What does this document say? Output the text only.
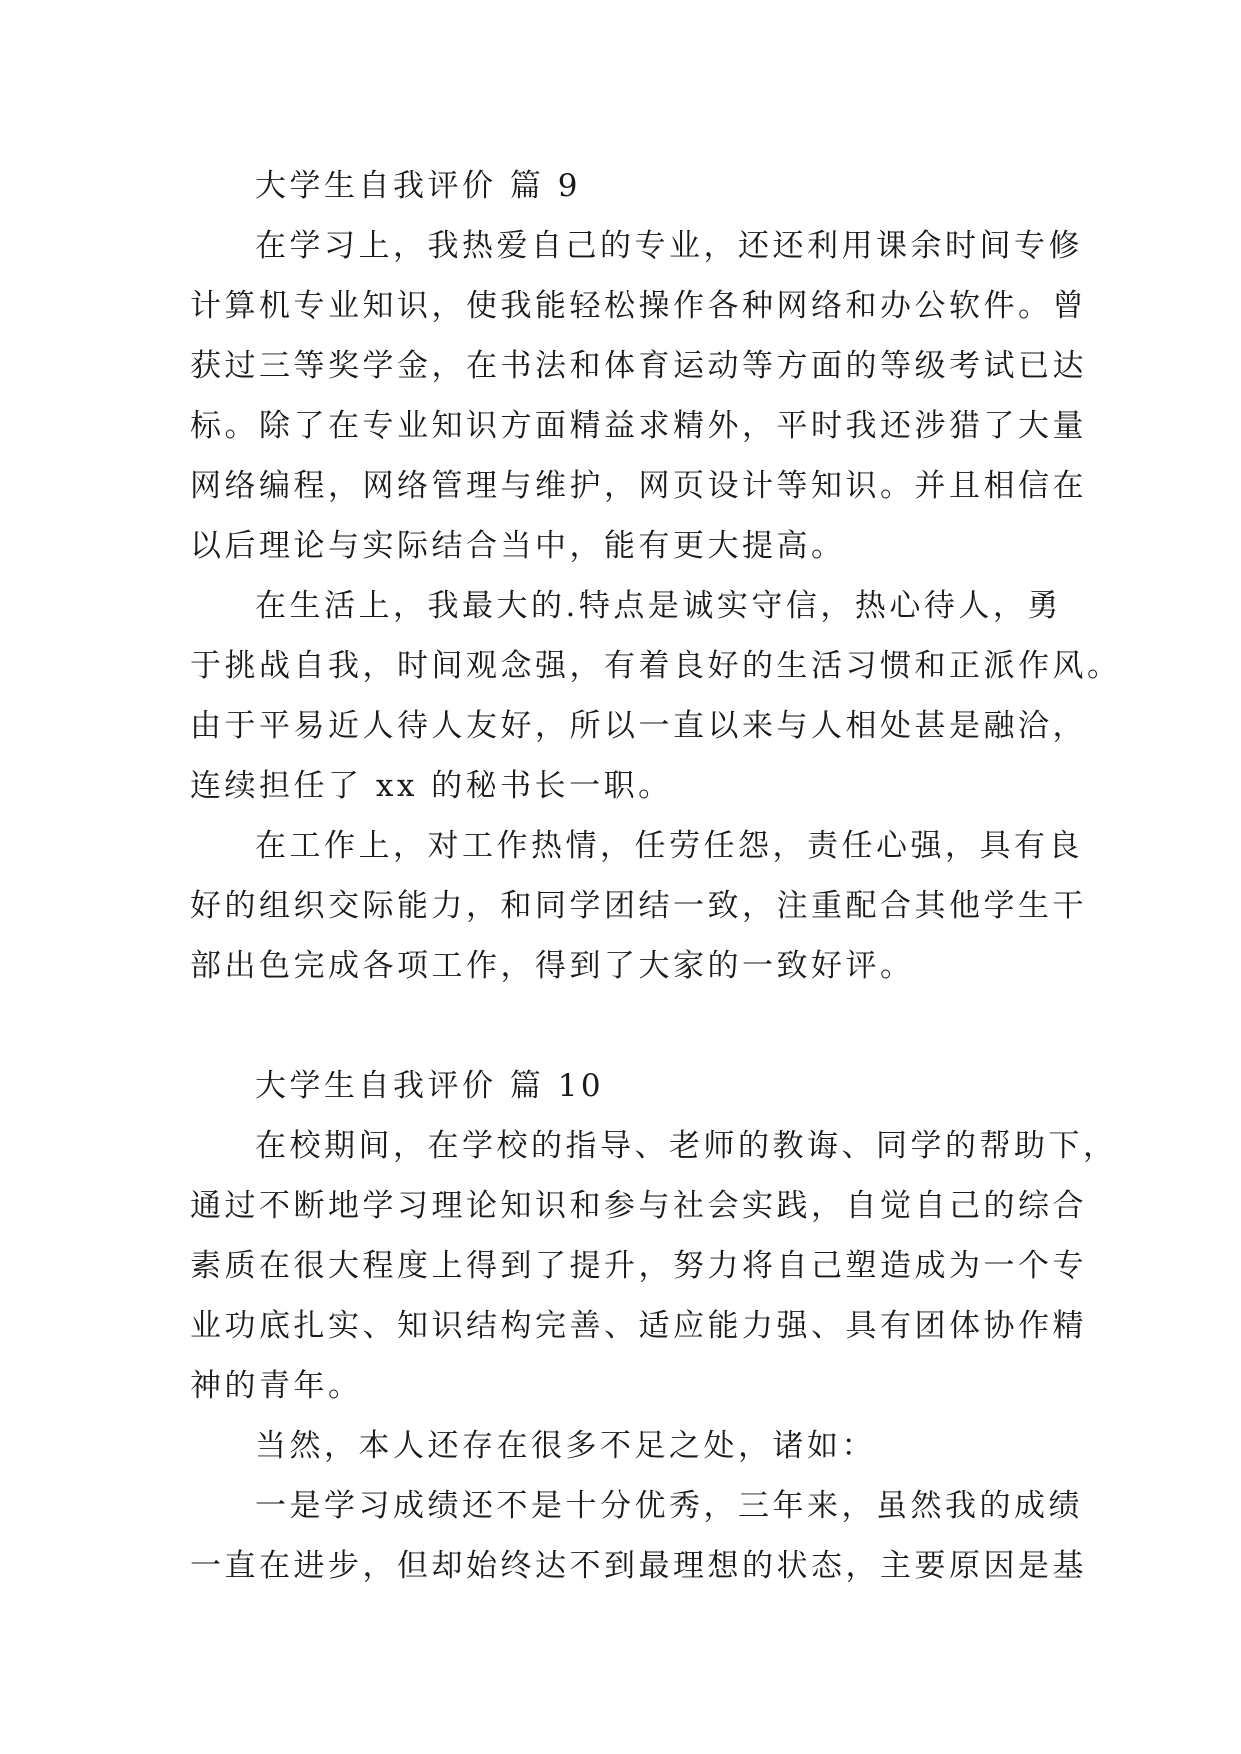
大学生自我评价 篇 9
在学习上，我热爱自己的专业，还还利用课余时间专修
计算机专业知识，使我能轻松操作各种网络和办公软件。曾
获过三等奖学金，在书法和体育运动等方面的等级考试已达
标。除了在专业知识方面精益求精外，平时我还涉猎了大量
网络编程，网络管理与维护，网页设计等知识。并且相信在
以后理论与实际结合当中，能有更大提高。
在生活上，我最大的.特点是诚实守信，热心待人，勇
于挑战自我，时间观念强，有着良好的生活习惯和正派作风。
由于平易近人待人友好，所以一直以来与人相处甚是融洽，
连续担任了 xx 的秘书长一职。
在工作上，对工作热情，任劳任怨，责任心强，具有良
好的组织交际能力，和同学团结一致，注重配合其他学生干
部出色完成各项工作，得到了大家的一致好评。
大学生自我评价 篇 10
在校期间，在学校的指导、老师的教诲、同学的帮助下，
通过不断地学习理论知识和参与社会实践，自觉自己的综合
素质在很大程度上得到了提升，努力将自己塑造成为一个专
业功底扎实、知识结构完善、适应能力强、具有团体协作精
神的青年。
当然，本人还存在很多不足之处，诸如：
一是学习成绩还不是十分优秀，三年来，虽然我的成绩
一直在进步，但却始终达不到最理想的状态，主要原因是基
